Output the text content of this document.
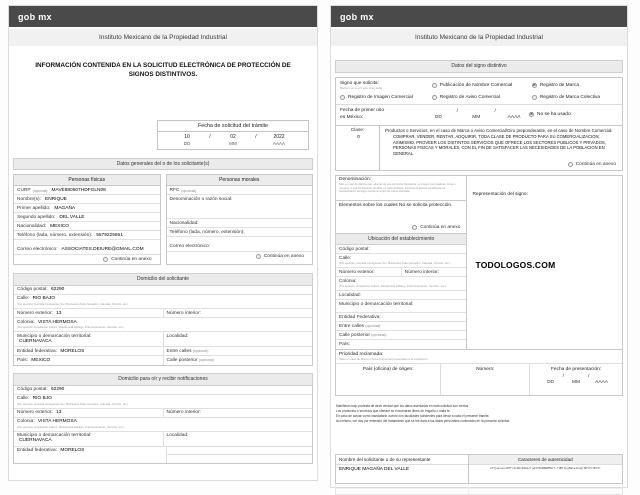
gob mx
Instituto Mexicano de la Propiedad Industrial
INFORMACIÓN CONTENIDA EN LA SOLICITUD ELECTRÓNICA DE PROTECCIÓN DE SIGNOS DISTINTIVOS.
Fecha de solicitud del trámite
10	/	02	/	2022
DD	MM	AAAA
Datos generales del o de los solicitante(s)
Personas físicas
CURP (opcional) MAVE880507HDFGLN08
Nombre(s): ENRIQUE
Primer apellido: MAGAÑA
Segundo apellido: DEL VALLE
Nacionalidad: MEXICO
Teléfono (lada, número, extensión): 5579225651
Correo electrónico: ASSOCIATES.DEIURE@GMAIL.COM
Continúa en anexo
Personas morales
RFC (opcional)
Denominación o razón social:
Nacionalidad:
Teléfono (lada, número, extensión):
Correo electrónico:
Continúa en anexo
Domicilio del solicitante
Código postal: 62290
Calle: RIO BAJO
(Por ejemplo: Avenida Insurgentes Sur, Boulevard Ávila Camacho, Calzada, Circuito, etc.)
Número exterior: 13	Número interior:
Colonia: VISTA HERMOSA
(Por ejemplo: Ampliación Juárez, Residencial Hidalgo, Fraccionamiento, Sección, etc.)
Municipio o demarcación territorial:
CUERNAVACA
Localidad:
Entidad federativa: MORELOS	Entre calles (opcional):
País: MEXICO	Calle posterior (opcional):
Domicilio para oír y recibir notificaciones
Código postal: 62290
Calle: RIO BJO
(Por ejemplo: Avenida Insurgentes Sur, Boulevard Ávila Camacho, Calzada, Circuito, etc.)
Número exterior: 13	Número interior:
Colonia: VISTA HERMOSA
(Por ejemplo: Ampliación Juárez, Residencial Hidalgo, Fraccionamiento, Sección, etc.)
Municipio o demarcación territorial:
CUERNAVACA
Localidad:
Entidad federativa: MORELOS
gob mx
Instituto Mexicano de la Propiedad Industrial
Datos del signo distintivo
Signo que solicita:
Marcar con una X sólo una casilla	Publicación de Nombre Comercial ✕	Registro de Marca
Registro de Imagen Comercial	Registro de Aviso Comercial	Registro de Marca Colectiva
Fecha de primer uso
en México:
/	/
DD	MM	AAAA
✕
No se ha usado
Clase:
0
Productos o Servicios, en el caso de Marca o Aviso Comercial/Giro preponderante, en el caso de Nombre Comercial:
COMPRAR, VENDER, RENTAR, ADQUIRIR, TODA CLASE DE PRODUCTO PARA SU COMERCIALIZACION; ASIMISMO, PROVEER LOS DISTINTOS SERVICIOS QUE OFRECE LOS SECTORES PUBLICOS Y PRIVADOS, PERSONAS FISICAS Y MORALES, CON EL FIN DE SATISFACER LAS NECESIDADES DE LA POBLACION EN GENERAL.
Continúa en anexo
Denominación:
Sólo en caso de Marcas que, además de sus elementos figurativos, se integren por palabras, letras o números, o una combinación de ellos; en caso contrario, únicamente deberá considerarse la representación del signo conforme al tipo de marca solicitada.
Elementos sobre los cuales No se solicita protección.
Continúa en anexo
Ubicación del establecimiento
Código postal:
Calle:
(Por ejemplo: Avenida Insurgentes Sur, Boulevard Ávila Camacho, Calzada, Circuito, etc.)
Número exterior:	Número interior:
Colonia:
(Por ejemplo: Ampliación Juárez, Residencial Hidalgo, Fraccionamiento, Sección, etc.)
Localidad:
Municipio o demarcación territorial:
Entidad Federativa:
Entre calles (opcional):
Calle posterior (opcional):
País:
Representación del signo:
TODOLOGOS.COM
Prioridad reclamada:
(Sólo en caso de Marca o Aviso Comercial presentada en el extranjero)
País (oficina) de origen:	Número:	Fecha de presentación:
/	/
DD	MM	AAAA
Manifiesto bajo protesta de decir verdad que los datos asentados en esta solicitud son ciertos.
Los productos o servicios que ofertaré se encuentran libres de engaño o mala fe.
En caso de actuar como mandatario cuento con facultades suficientes para llevar a cabo el presente trámite.
Así mismo, me doy por enterado del tratamiento que se les dará a los datos personales contenidos en la presente solicitud.
Nombre del solicitante o de su representante
ENRIQUE MAGAÑA DEL VALLE
Caracteres de autenticidad
eT7jwkuqs4JPT/4c3NzD1GacrgA37SbWNBPMGrT-rUDTskgSWsalmJgrSDYYnTBrXl
